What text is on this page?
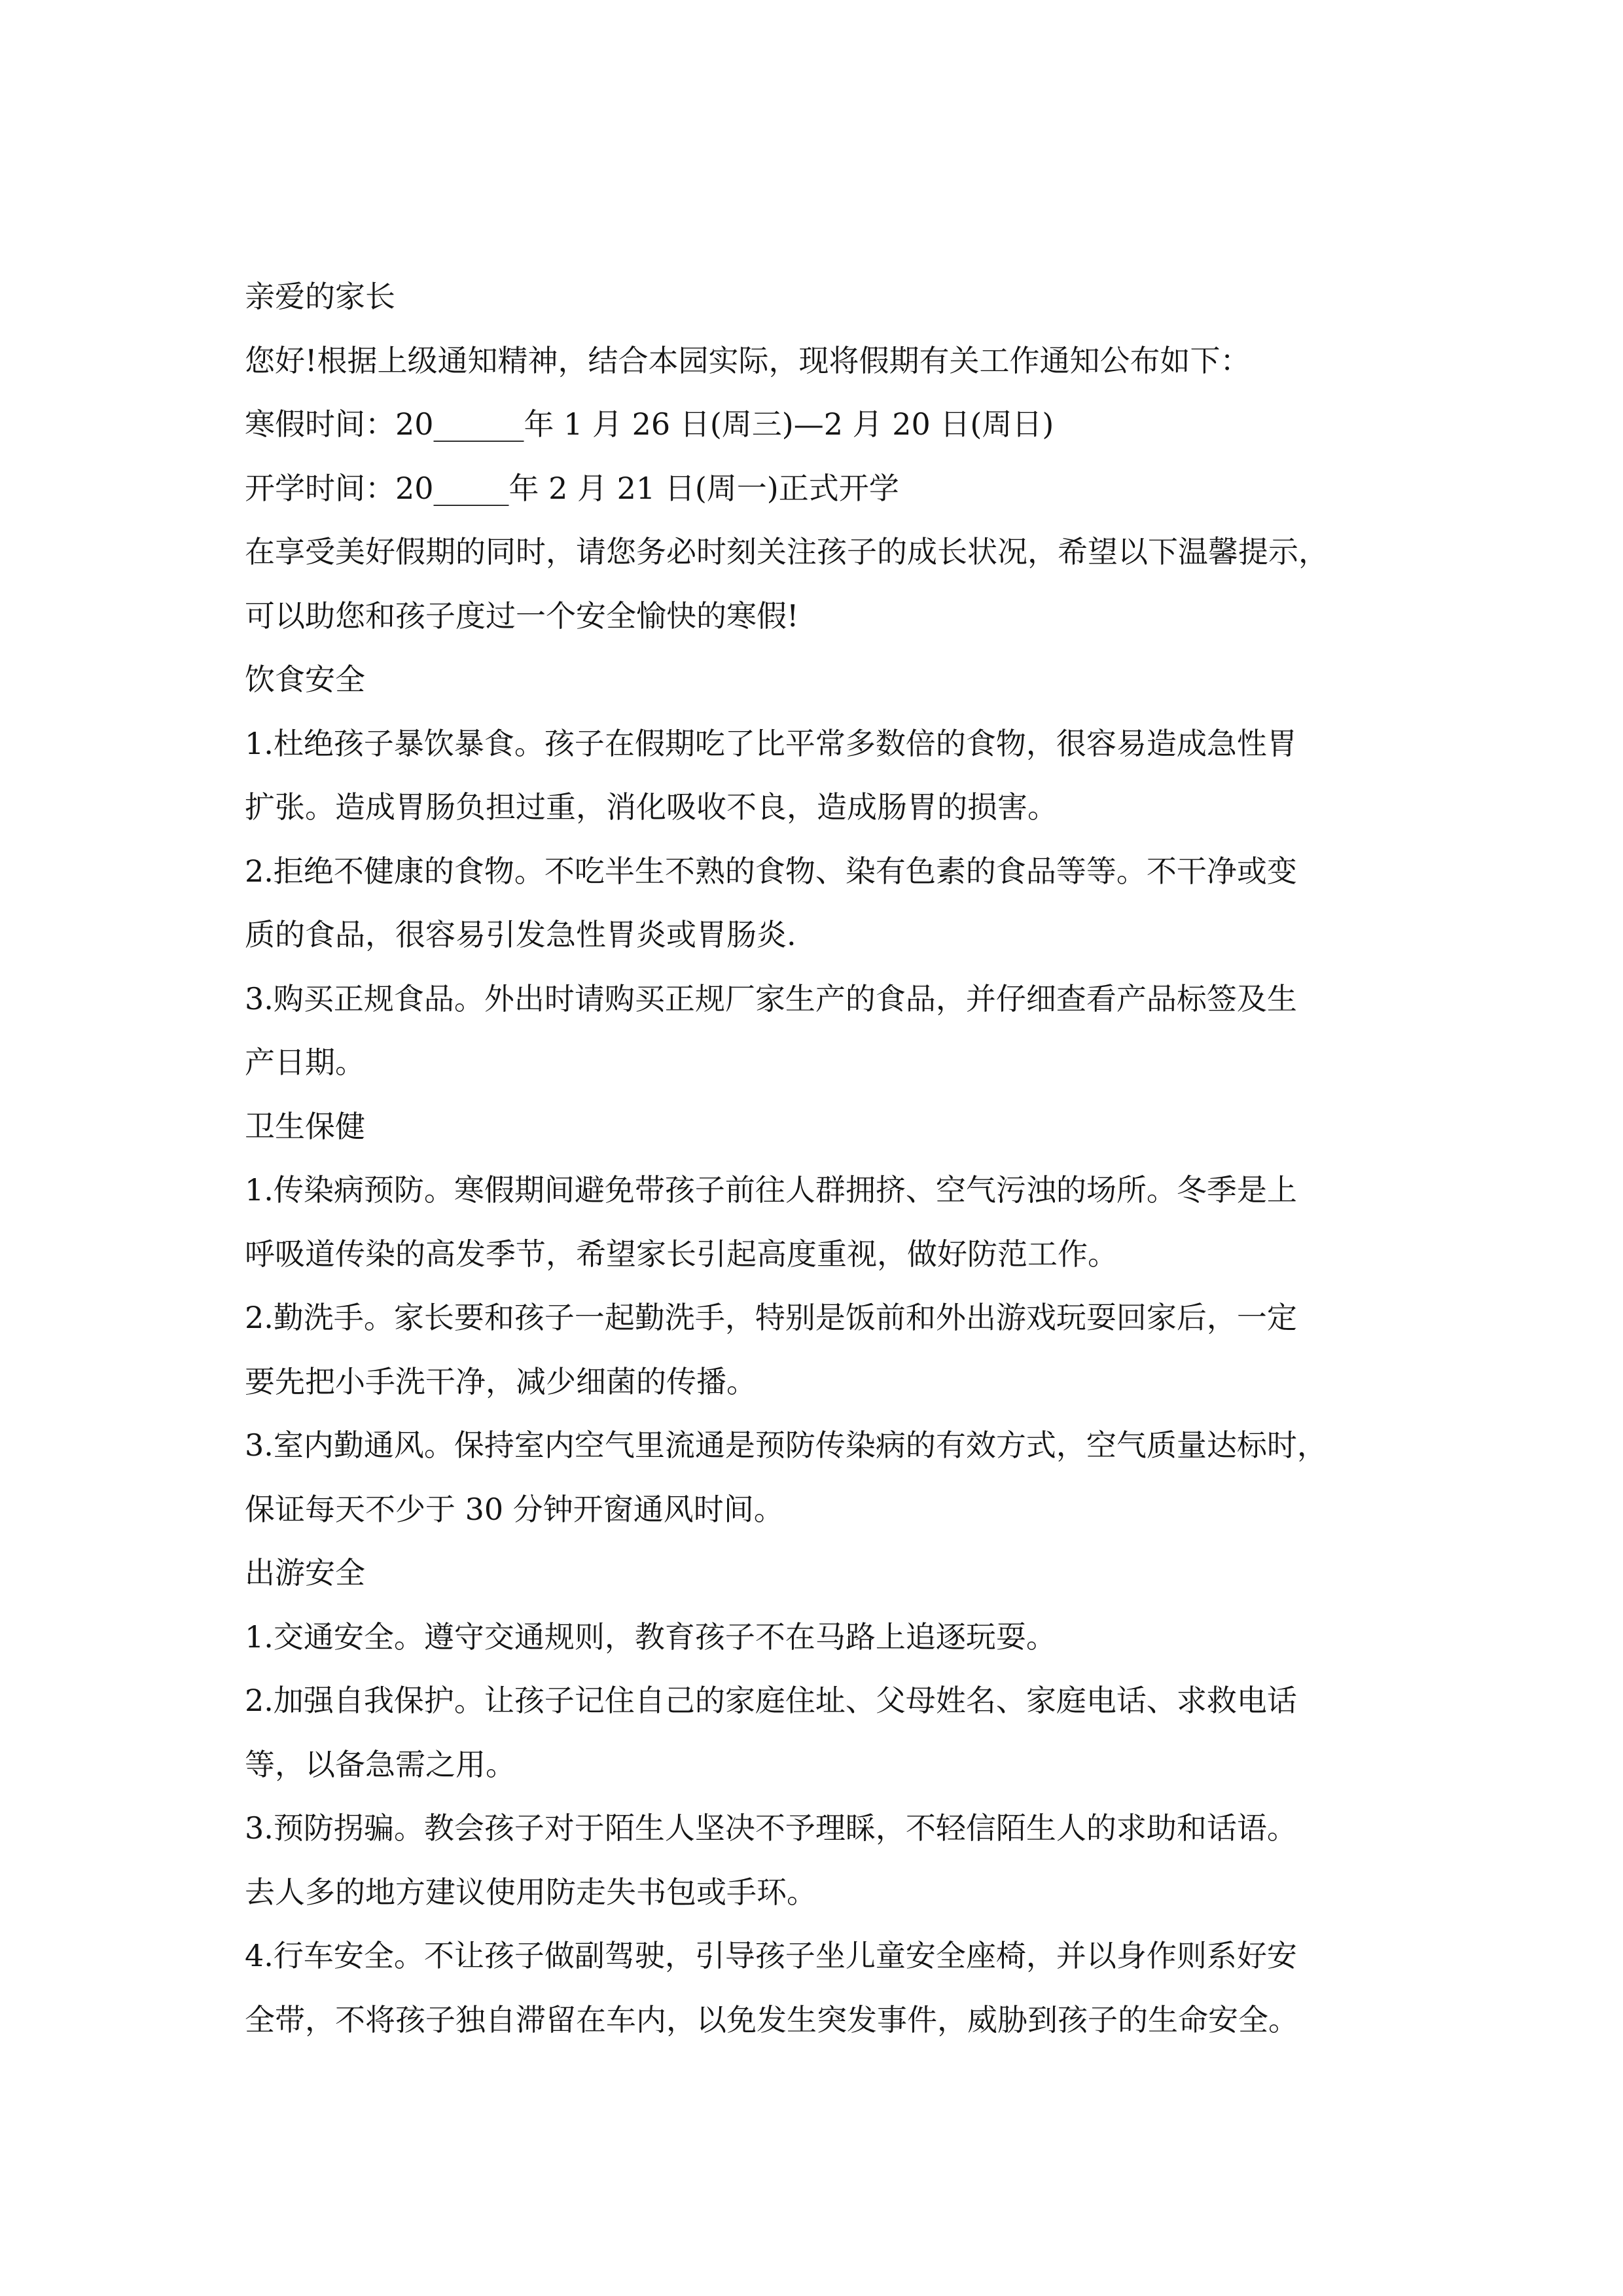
亲爱的家长
您好!根据上级通知精神，结合本园实际，现将假期有关工作通知公布如下：
寒假时间：20______年 1 月 26 日(周三)—2 月 20 日(周日)
开学时间：20_____年 2 月 21 日(周一)正式开学
在享受美好假期的同时，请您务必时刻关注孩子的成长状况，希望以下温馨提示，
可以助您和孩子度过一个安全愉快的寒假!
饮食安全
1.杜绝孩子暴饮暴食。孩子在假期吃了比平常多数倍的食物，很容易造成急性胃
扩张。造成胃肠负担过重，消化吸收不良，造成肠胃的损害。
2.拒绝不健康的食物。不吃半生不熟的食物、染有色素的食品等等。不干净或变
质的食品，很容易引发急性胃炎或胃肠炎.
3.购买正规食品。外出时请购买正规厂家生产的食品，并仔细查看产品标签及生
产日期。
卫生保健
1.传染病预防。寒假期间避免带孩子前往人群拥挤、空气污浊的场所。冬季是上
呼吸道传染的高发季节，希望家长引起高度重视，做好防范工作。
2.勤洗手。家长要和孩子一起勤洗手，特别是饭前和外出游戏玩耍回家后，一定
要先把小手洗干净，减少细菌的传播。
3.室内勤通风。保持室内空气里流通是预防传染病的有效方式，空气质量达标时，
保证每天不少于 30 分钟开窗通风时间。
出游安全
1.交通安全。遵守交通规则，教育孩子不在马路上追逐玩耍。
2.加强自我保护。让孩子记住自己的家庭住址、父母姓名、家庭电话、求救电话
等，以备急需之用。
3.预防拐骗。教会孩子对于陌生人坚决不予理睬，不轻信陌生人的求助和话语。
去人多的地方建议使用防走失书包或手环。
4.行车安全。不让孩子做副驾驶，引导孩子坐儿童安全座椅，并以身作则系好安
全带，不将孩子独自滞留在车内，以免发生突发事件，威胁到孩子的生命安全。
